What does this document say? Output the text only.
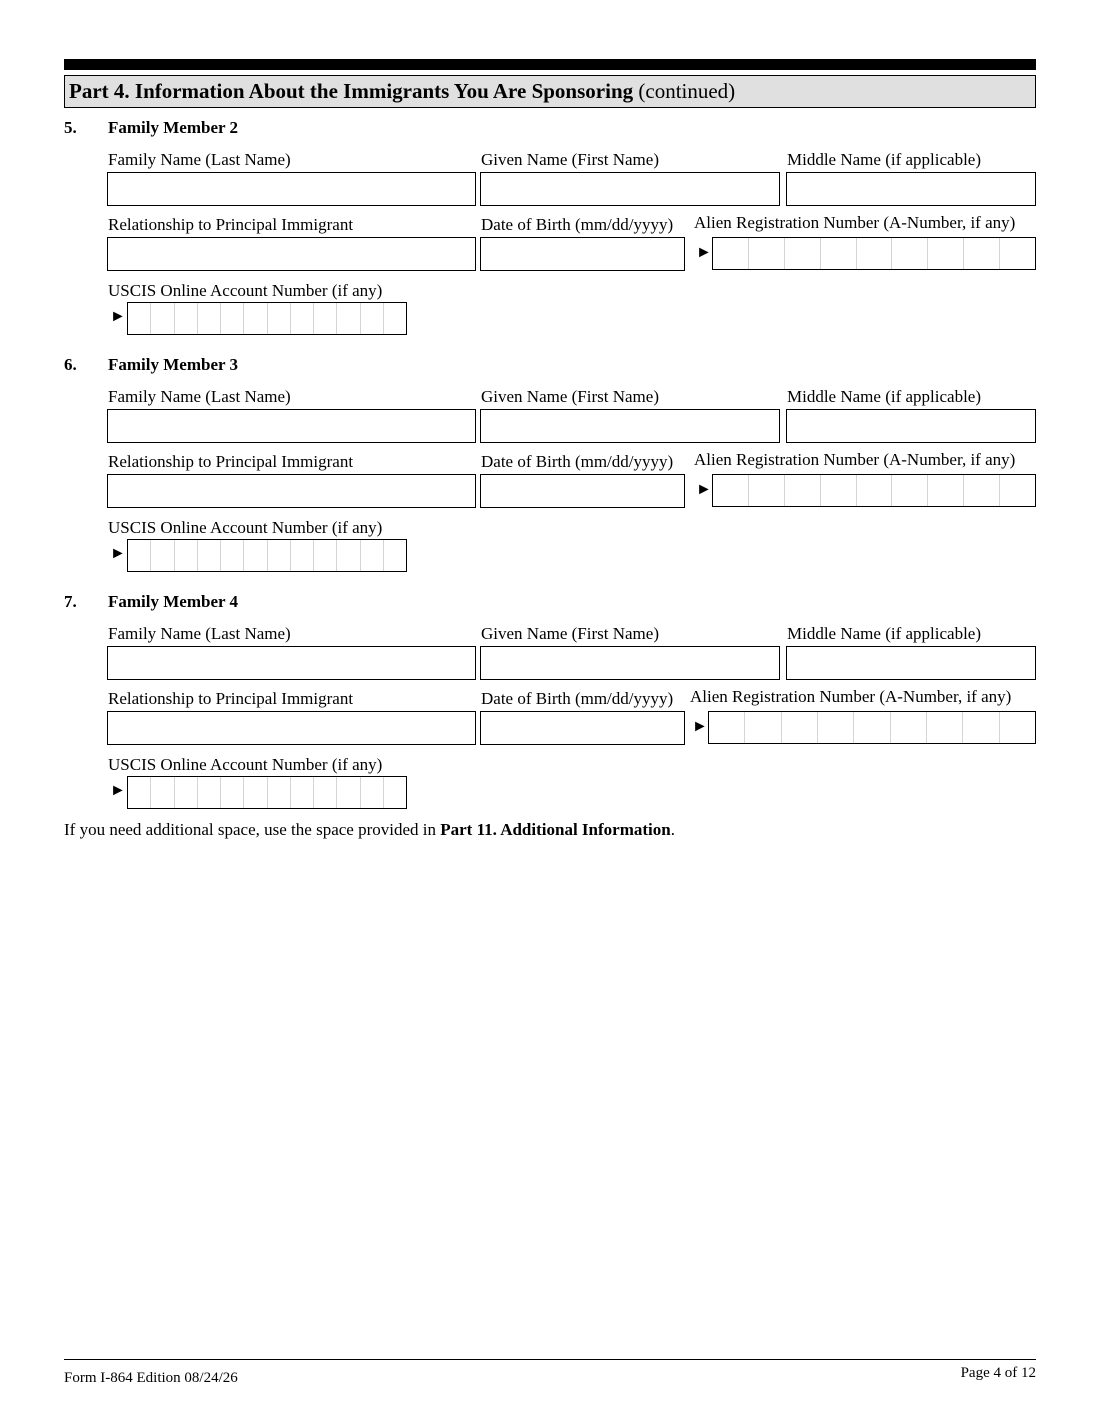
Part 4. Information About the Immigrants You Are Sponsoring (continued)
5. Family Member 2
Family Name (Last Name)	Given Name (First Name)	Middle Name (if applicable)
Relationship to Principal Immigrant	Date of Birth (mm/dd/yyyy) Alien Registration Number (A-Number, if any)
►
USCIS Online Account Number (if any)
►
6. Family Member 3
Family Name (Last Name)	Given Name (First Name)	Middle Name (if applicable)
Relationship to Principal Immigrant	Date of Birth (mm/dd/yyyy) Alien Registration Number (A-Number, if any)
►
USCIS Online Account Number (if any)
►
7. Family Member 4
Family Name (Last Name)	Given Name (First Name)	Middle Name (if applicable)
Relationship to Principal Immigrant	Date of Birth (mm/dd/yyyy) Alien Registration Number (A-Number, if any)
►
USCIS Online Account Number (if any)
►
If you need additional space, use the space provided in Part 11. Additional Information.
Form I-864 Edition 08/24/26	Page 4 of 12
